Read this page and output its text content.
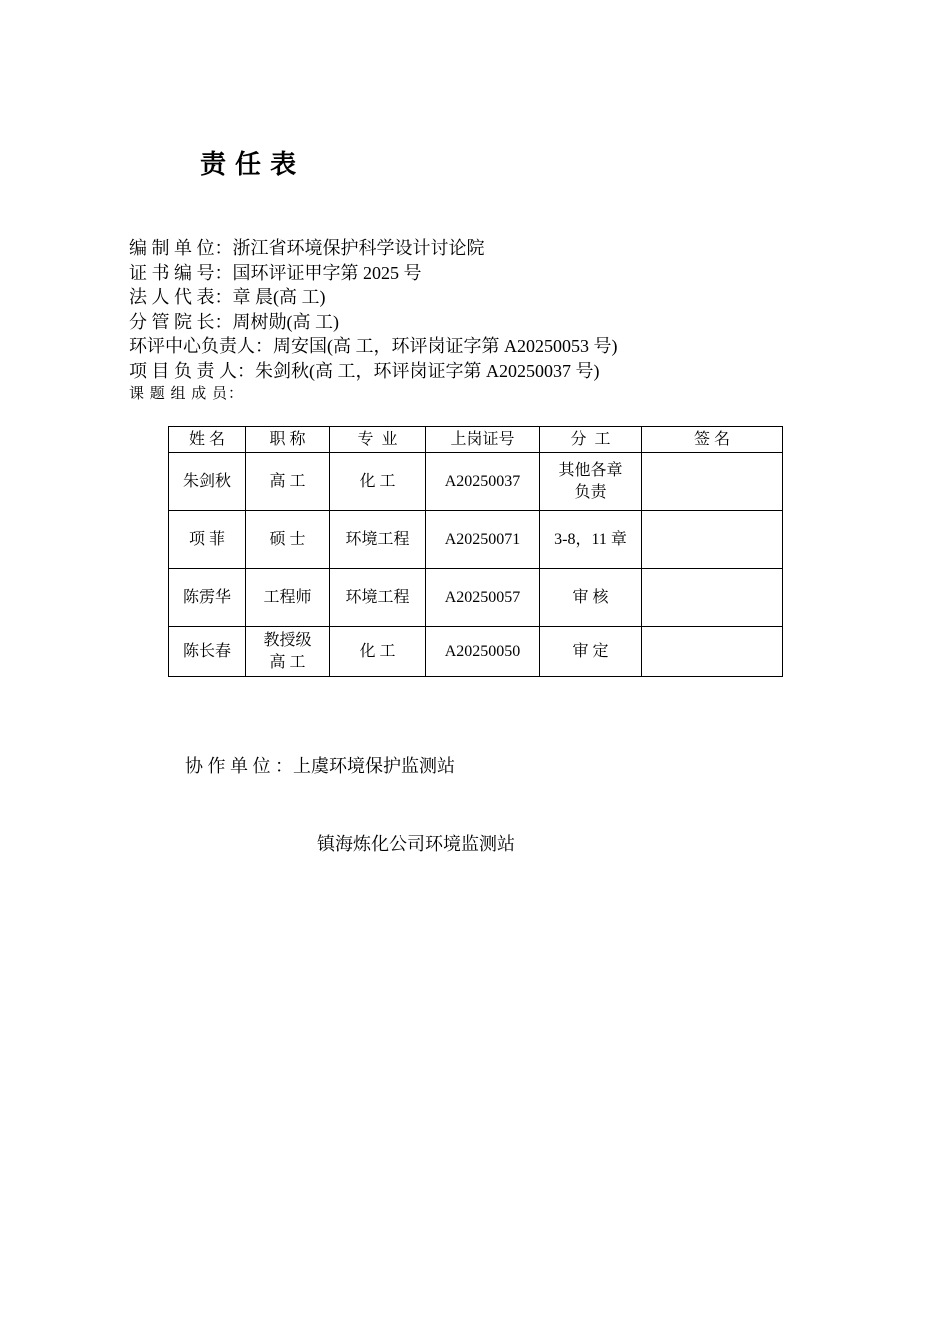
责 任 表
编 制 单 位：浙江省环境保护科学设计讨论院
证 书 编 号：国环评证甲字第 2025 号
法 人 代 表：章 晨(高 工)
分 管 院 长：周树勋(高 工)
环评中心负责人：周安国(高 工，环评岗证字第 A20250053 号)
项 目 负 责 人：朱剑秋(高 工，环评岗证字第 A20250037 号)
课 题 组 成 员：
姓 名	职 称	专  业	上岗证号	分  工	签 名
朱剑秋	高 工	化 工	A20250037	其他各章
负责	
项 菲	硕 士	环境工程	A20250071	3-8，11 章	
陈雳华	工程师	环境工程	A20250057	审 核	
陈长春	教授级
高 工	化 工	A20250050	审 定	

协 作 单 位 ：上虞环境保护监测站

镇海炼化公司环境监测站
